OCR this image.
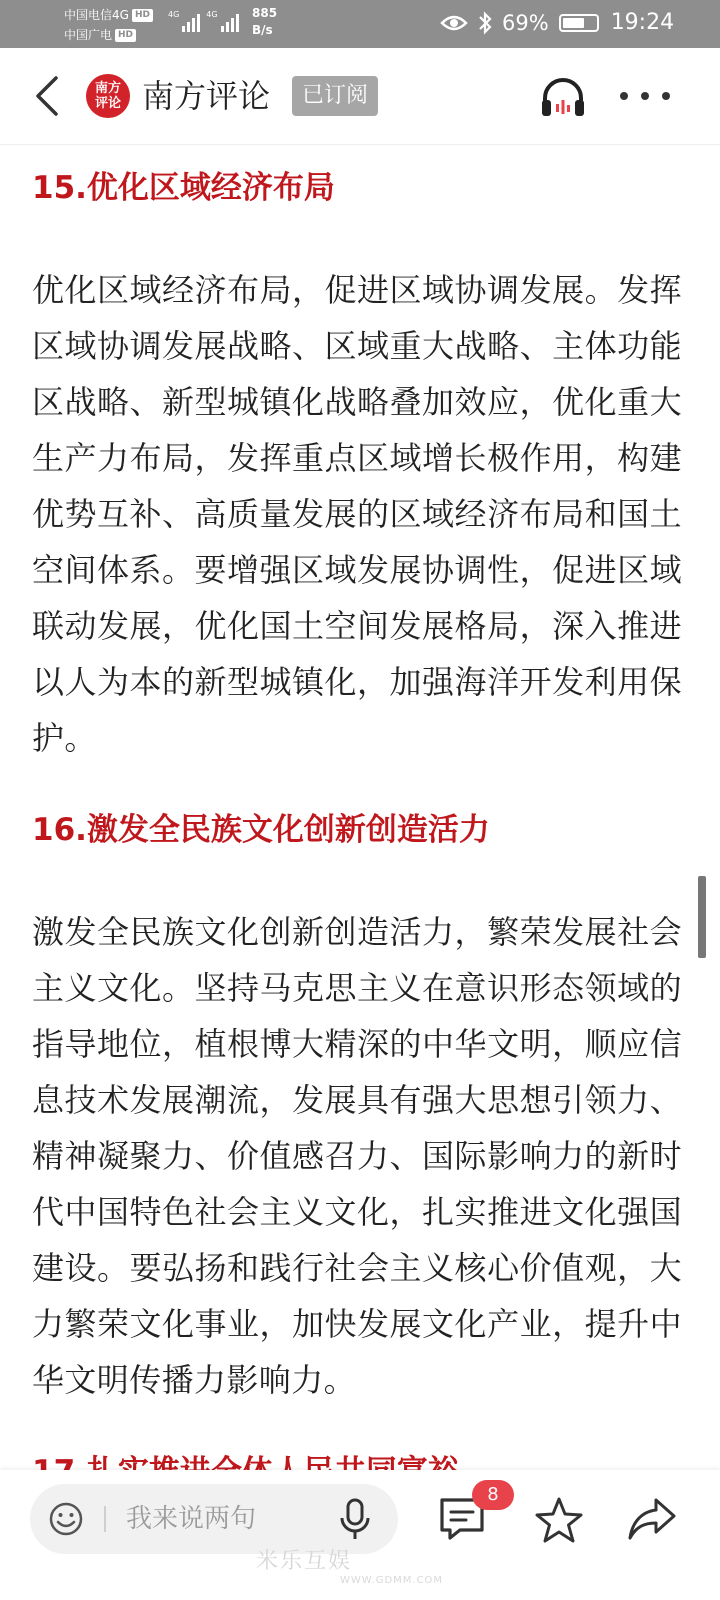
中国电信4G HD
中国广电 HD
4G	4G	885
B/s	69%	19:24
南方评论 南方评论	已订阅
15.优化区域经济布局

优化区域经济布局，促进区域协调发展。发挥区域协调发展战略、区域重大战略、主体功能区战略、新型城镇化战略叠加效应，优化重大生产力布局，发挥重点区域增长极作用，构建优势互补、高质量发展的区域经济布局和国土空间体系。要增强区域发展协调性，促进区域联动发展，优化国土空间发展格局，深入推进以人为本的新型城镇化，加强海洋开发利用保护。

16.激发全民族文化创新创造活力

激发全民族文化创新创造活力，繁荣发展社会主义文化。坚持马克思主义在意识形态领域的指导地位，植根博大精深的中华文明，顺应信息技术发展潮流，发展具有强大思想引领力、精神凝聚力、价值感召力、国际影响力的新时代中国特色社会主义文化，扎实推进文化强国建设。要弘扬和践行社会主义核心价值观，大力繁荣文化事业，加快发展文化产业，提升中华文明传播力影响力。

我来说两句
8
米乐互娱
WWW.GDMM.COM
